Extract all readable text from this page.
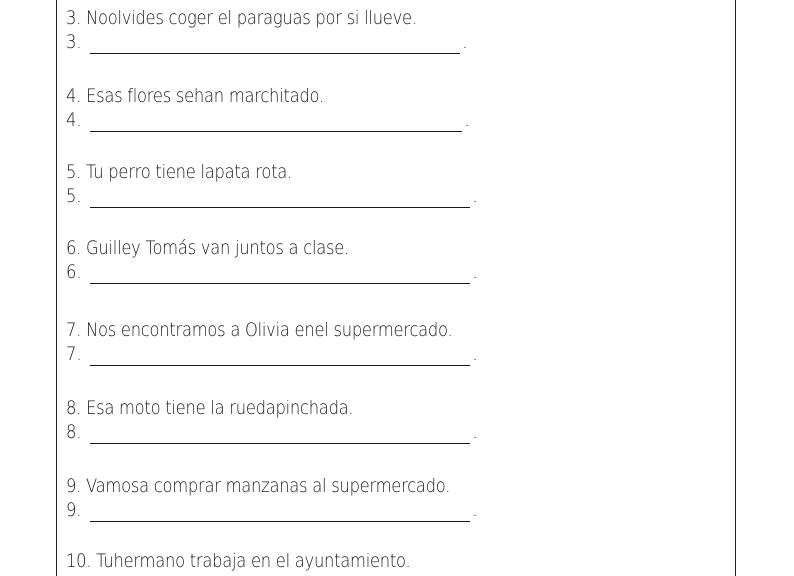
3. Noolvides coger el paraguas por si llueve.
3.	.
4. Esas flores sehan marchitado.
4.	.
5. Tu perro tiene lapata rota.
5.	.
6. Guilley Tomás van juntos a clase.
6.	.
7. Nos encontramos a Olivia enel supermercado.
7.	.
8. Esa moto tiene la ruedapinchada.
8.	.
9. Vamosa comprar manzanas al supermercado.
9.	.
10. Tuhermano trabaja en el ayuntamiento.
